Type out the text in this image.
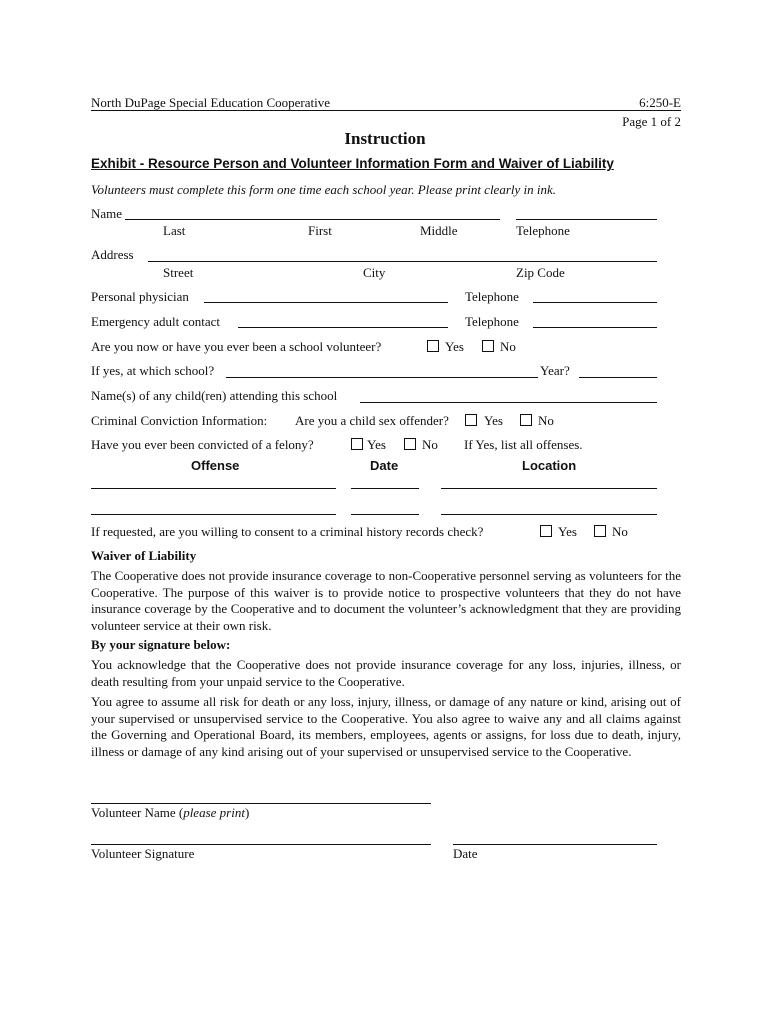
North DuPage Special Education Cooperative	6:250-E
Page 1 of 2
Instruction
Exhibit - Resource Person and Volunteer Information Form and Waiver of Liability
Volunteers must complete this form one time each school year. Please print clearly in ink.
Name
Last	First	Middle	Telephone
Address
Street	City	Zip Code
Personal physician	Telephone
Emergency adult contact	Telephone
Are you now or have you ever been a school volunteer?	Yes	No
If yes, at which school?	Year?
Name(s) of any child(ren) attending this school
Criminal Conviction Information: Are you a child sex offender?	Yes	No
Have you ever been convicted of a felony?	Yes	No If Yes, list all offenses.
Offense	Date	Location
If requested, are you willing to consent to a criminal history records check?	Yes	No
Waiver of Liability
The Cooperative does not provide insurance coverage to non-Cooperative personnel serving as volunteers for the Cooperative. The purpose of this waiver is to provide notice to prospective volunteers that they do not have insurance coverage by the Cooperative and to document the volunteer’s acknowledgment that they are providing volunteer service at their own risk.
By your signature below:
You acknowledge that the Cooperative does not provide insurance coverage for any loss, injuries, illness, or death resulting from your unpaid service to the Cooperative.
You agree to assume all risk for death or any loss, injury, illness, or damage of any nature or kind, arising out of your supervised or unsupervised service to the Cooperative. You also agree to waive any and all claims against the Governing and Operational Board, its members, employees, agents or assigns, for loss due to death, injury, illness or damage of any kind arising out of your supervised or unsupervised service to the Cooperative.
Volunteer Name (please print)
Volunteer Signature	Date
